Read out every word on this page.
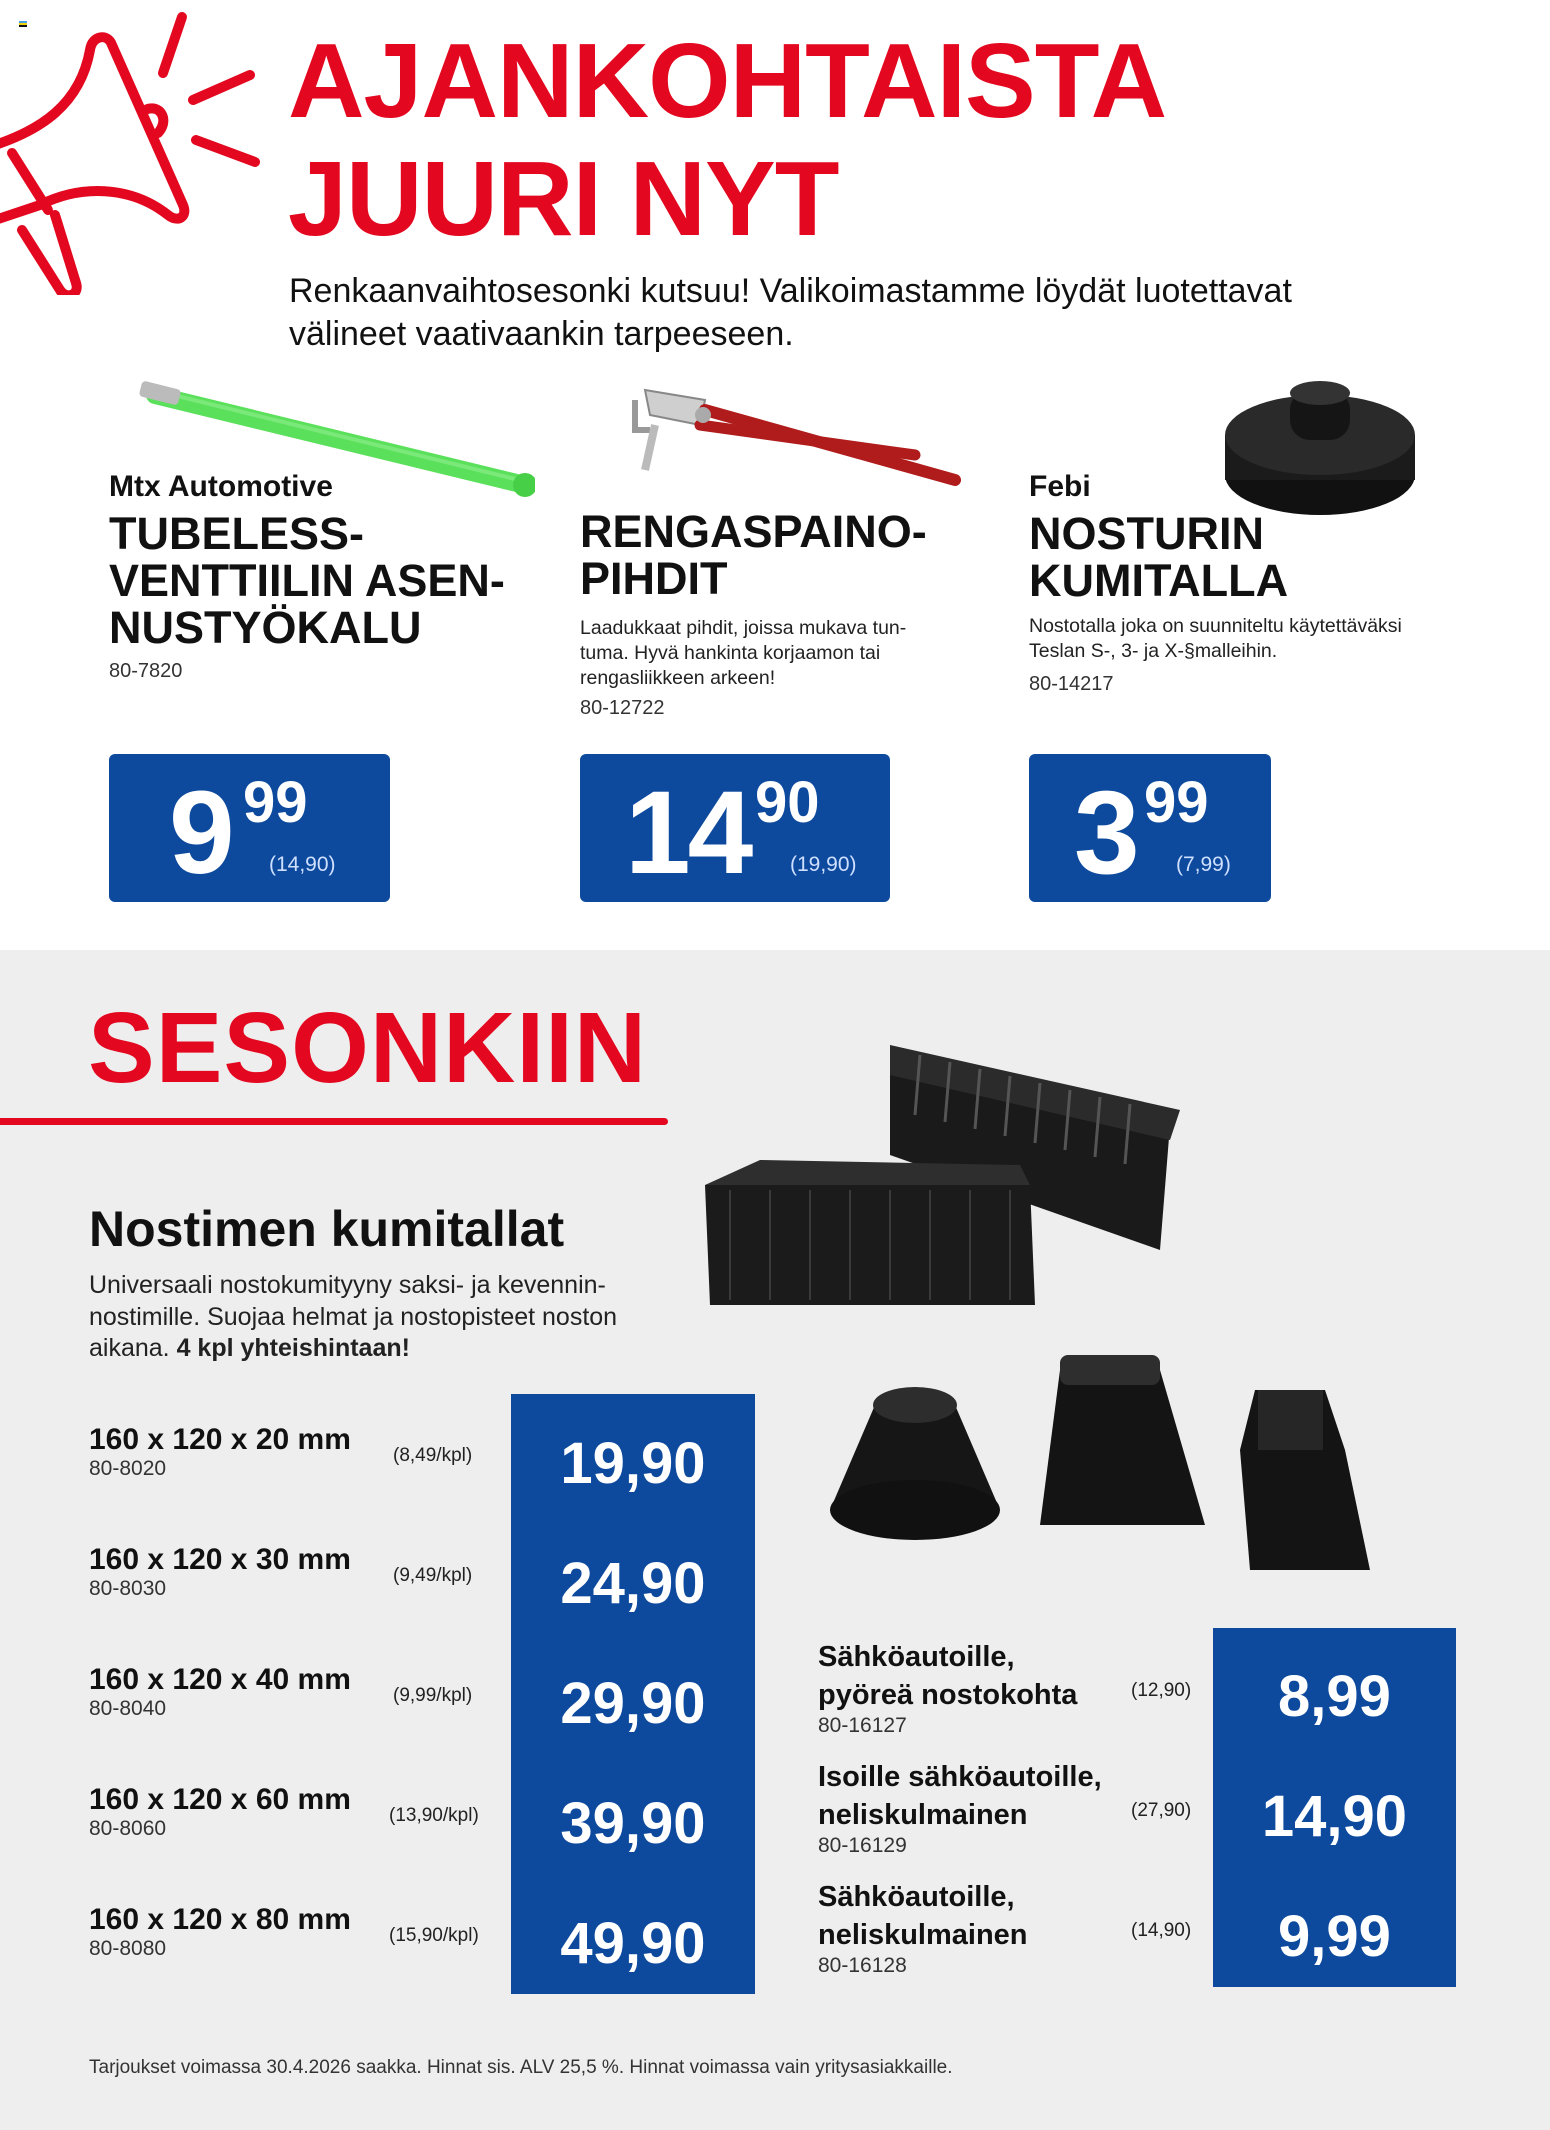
AJANKOHTAISTA
JUURI NYT
Renkaanvaihtosesonki kutsuu! Valikoimastamme löydät luotettavat
välineet vaativaankin tarpeeseen.
Mtx Automotive
TUBELESS-
VENTTIILIN ASEN-
NUSTYÖKALU
80-7820
9 99
(14,90)
RENGASPAINO-
PIHDIT
Laadukkaat pihdit, joissa mukava tun-
tuma. Hyvä hankinta korjaamon tai
rengasliikkeen arkeen!
80-12722
14 90
(19,90)
Febi
NOSTURIN
KUMITALLA
Nostotalla joka on suunniteltu käytettäväksi
Teslan S-, 3- ja X-§malleihin.
80-14217
3 99
(7,99)
SESONKIIN
Nostimen kumitallat
Universaali nostokumityyny saksi- ja kevennin-
nostimille. Suojaa helmat ja nostopisteet noston
aikana. 4 kpl yhteishintaan!
19,90
24,90
29,90
39,90
49,90
160 x 120 x 20 mm
80-8020
(8,49/kpl)
160 x 120 x 30 mm
80-8030
(9,49/kpl)
160 x 120 x 40 mm
80-8040
(9,99/kpl)
160 x 120 x 60 mm
80-8060
(13,90/kpl)
160 x 120 x 80 mm
80-8080
(15,90/kpl)
8,99
14,90
9,99
Sähköautoille,
pyöreä nostokohta
80-16127
(12,90)
Isoille sähköautoille,
neliskulmainen
80-16129
(27,90)
Sähköautoille,
neliskulmainen
80-16128
(14,90)
Tarjoukset voimassa 30.4.2026 saakka. Hinnat sis. ALV 25,5 %. Hinnat voimassa vain yritysasiakkaille.
